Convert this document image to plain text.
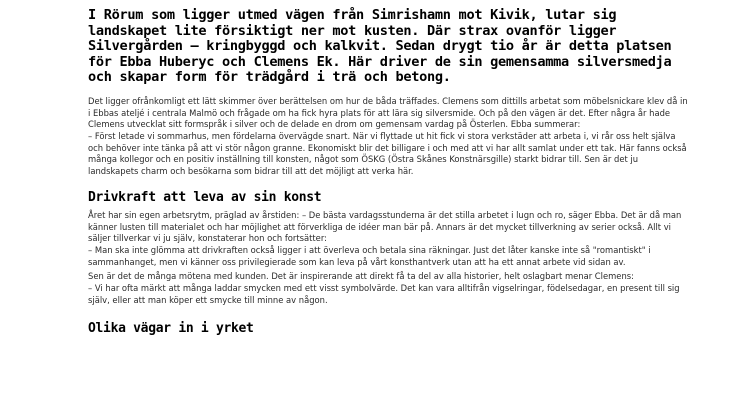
I Rörum som ligger utmed vägen från Simrishamn mot Kivik, lutar sig landskapet lite försiktigt ner mot kusten. Där strax ovanför ligger Silvergården – kringbyggd och kalkvit. Sedan drygt tio år är detta platsen för Ebba Huberyc och Clemens Ek. Här driver de sin gemensamma silversmedja och skapar form för trädgård i trä och betong.

Det ligger ofrånkomligt ett lätt skimmer över berättelsen om hur de båda träffades. Clemens som dittills arbetat som möbelsnickare klev då in i Ebbas ateljé i centrala Malmö och frågade om ha fick hyra plats för att lära sig silversmide. Och på den vägen är det. Efter några år hade Clemens utvecklat sitt formspråk i silver och de delade en drom om gemensam vardag på Österlen. Ebba summerar:

– Först letade vi sommarhus, men fördelarna övervägde snart. När vi flyttade ut hit fick vi stora verkstäder att arbeta i, vi rår oss helt själva och behöver inte tänka på att vi stör någon granne. Ekonomiskt blir det billigare i och med att vi har allt samlat under ett tak. Här fanns också många kollegor och en positiv inställning till konsten, något som ÖSKG (Östra Skånes Konstnärsgille) starkt bidrar till. Sen är det ju landskapets charm och besökarna som bidrar till att det möjligt att verka här.

Drivkraft att leva av sin konst

Året har sin egen arbetsrytm, präglad av årstiden: – De bästa vardagsstunderna är det stilla arbetet i lugn och ro, säger Ebba. Det är då man känner lusten till materialet och har möjlighet att förverkliga de idéer man bär på. Annars är det mycket tillverkning av serier också. Allt vi säljer tillverkar vi ju själv, konstaterar hon och fortsätter:

– Man ska inte glömma att drivkraften också ligger i att överleva och betala sina räkningar. Just det låter kanske inte så "romantiskt" i sammanhanget, men vi känner oss privilegierade som kan leva på vårt konsthantverk utan att ha ett annat arbete vid sidan av.

Sen är det de många mötena med kunden. Det är inspirerande att direkt få ta del av alla historier, helt oslagbart menar Clemens:

– Vi har ofta märkt att många laddar smycken med ett visst symbolvärde. Det kan vara alltifrån vigselringar, födelsedagar, en present till sig själv, eller att man köper ett smycke till minne av någon.

Olika vägar in i yrket
